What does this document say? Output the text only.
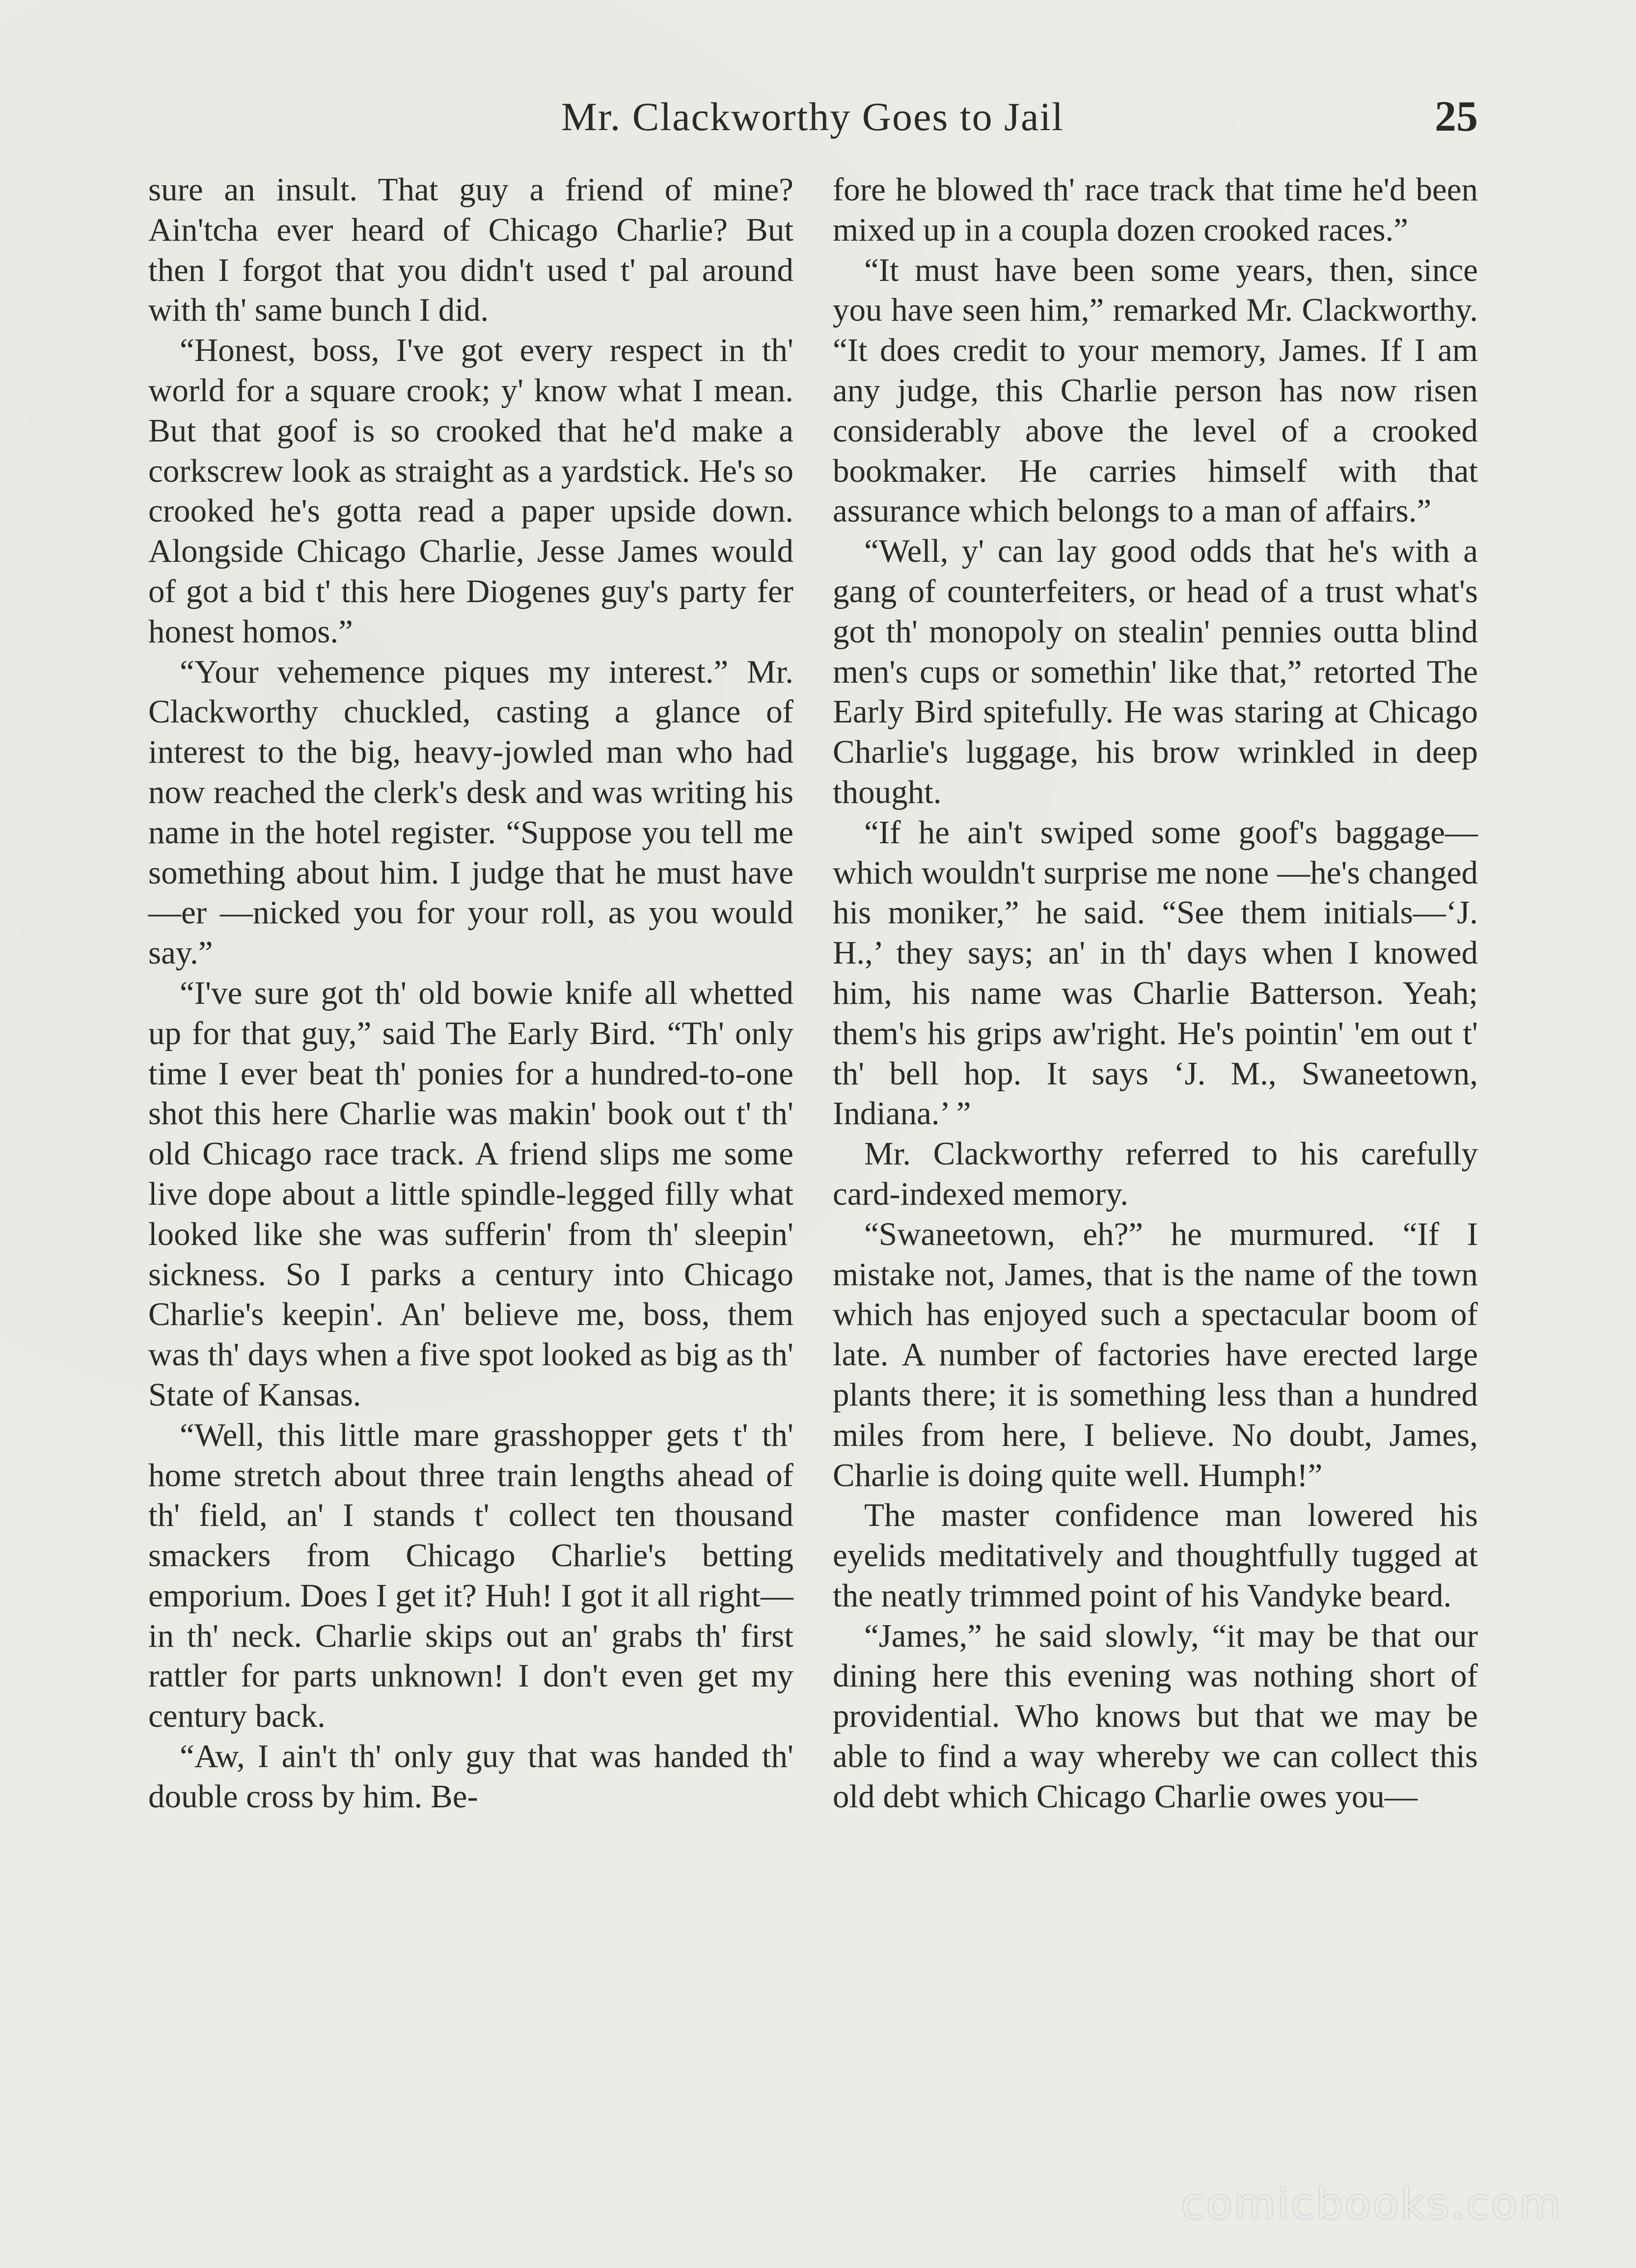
Mr. Clackworthy Goes to Jail	25

sure an insult. That guy a friend of mine? Ain'tcha ever heard of Chicago Charlie? But then I forgot that you didn't used t' pal around with th' same bunch I did.

“Honest, boss, I've got every respect in th' world for a square crook; y' know what I mean. But that goof is so crooked that he'd make a corkscrew look as straight as a yardstick. He's so crooked he's gotta read a paper upside down. Alongside Chicago Charlie, Jesse James would of got a bid t' this here Diogenes guy's party fer honest homos.”

“Your vehemence piques my interest.” Mr. Clackworthy chuckled, casting a glance of interest to the big, heavy-jowled man who had now reached the clerk's desk and was writing his name in the hotel register. “Suppose you tell me something about him. I judge that he must have—er —nicked you for your roll, as you would say.”

“I've sure got th' old bowie knife all whetted up for that guy,” said The Early Bird. “Th' only time I ever beat th' ponies for a hundred-to-one shot this here Charlie was makin' book out t' th' old Chicago race track. A friend slips me some live dope about a little spindle-legged filly what looked like she was sufferin' from th' sleepin' sickness. So I parks a century into Chicago Charlie's keepin'. An' believe me, boss, them was th' days when a five spot looked as big as th' State of Kansas.

“Well, this little mare grasshopper gets t' th' home stretch about three train lengths ahead of th' field, an' I stands t' collect ten thousand smackers from Chicago Charlie's betting emporium. Does I get it? Huh! I got it all right—in th' neck. Charlie skips out an' grabs th' first rattler for parts unknown! I don't even get my century back.

“Aw, I ain't th' only guy that was handed th' double cross by him. Be-

fore he blowed th' race track that time he'd been mixed up in a coupla dozen crooked races.”

“It must have been some years, then, since you have seen him,” remarked Mr. Clackworthy. “It does credit to your memory, James. If I am any judge, this Charlie person has now risen considerably above the level of a crooked bookmaker. He carries himself with that assurance which belongs to a man of affairs.”

“Well, y' can lay good odds that he's with a gang of counterfeiters, or head of a trust what's got th' monopoly on stealin' pennies outta blind men's cups or somethin' like that,” retorted The Early Bird spitefully. He was staring at Chicago Charlie's luggage, his brow wrinkled in deep thought.

“If he ain't swiped some goof's baggage—which wouldn't surprise me none —he's changed his moniker,” he said. “See them initials—‘J. H.,’ they says; an' in th' days when I knowed him, his name was Charlie Batterson. Yeah; them's his grips aw'right. He's pointin' 'em out t' th' bell hop. It says ‘J. M., Swaneetown, Indiana.’ ”

Mr. Clackworthy referred to his carefully card-indexed memory.

“Swaneetown, eh?” he murmured. “If I mistake not, James, that is the name of the town which has enjoyed such a spectacular boom of late. A number of factories have erected large plants there; it is something less than a hundred miles from here, I believe. No doubt, James, Charlie is doing quite well. Humph!”

The master confidence man lowered his eyelids meditatively and thoughtfully tugged at the neatly trimmed point of his Vandyke beard.

“James,” he said slowly, “it may be that our dining here this evening was nothing short of providential. Who knows but that we may be able to find a way whereby we can collect this old debt which Chicago Charlie owes you—

comicbooks.com
